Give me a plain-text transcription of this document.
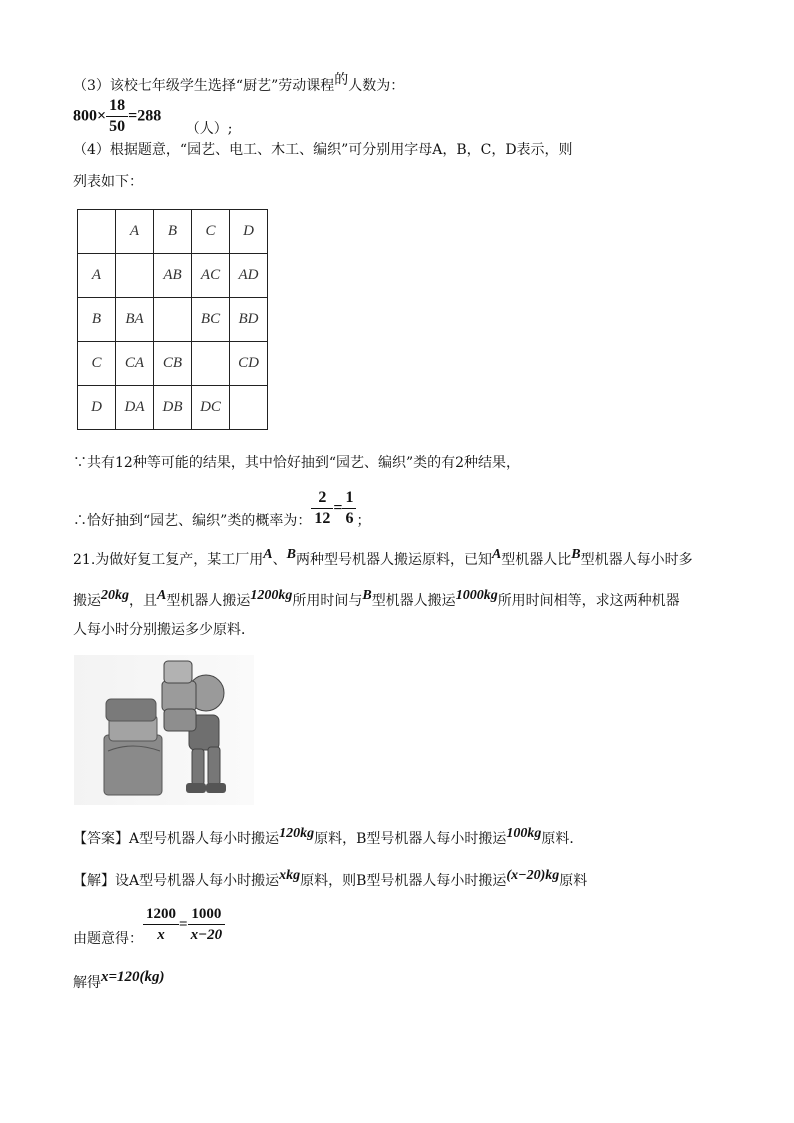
（3）该校七年级学生选择“厨艺”劳动课程的人数为：
$800\times \frac{18}{50} =288$ （人）;
（4）根据题意，“园艺、电工、木工、编织”可分别用字母A，B，C，D表示，则
列表如下：
	A	B	C	D
A		AB	AC	AD
B	BA		BC	BD
C	CA	CB		CD
D	DA	DB	DC	
∵共有12种等可能的结果，其中恰好抽到“园艺、编织”类的有2种结果，
∴恰好抽到“园艺、编织”类的概率为： $\frac{2}{12} = \frac{1}{6}$ ；
21.为做好复工复产，某工厂用A、B两种型号机器人搬运原料，已知A型机器人比B型机器人每小时多
搬运20kg，且A型机器人搬运1200kg所用时间与B型机器人搬运1000kg所用时间相等，求这两种机器
人每小时分别搬运多少原料．
【答案】A型号机器人每小时搬运120kg原料，B型号机器人每小时搬运100kg原料．
【解】设A型号机器人每小时搬运xkg原料，则B型号机器人每小时搬运(x−20)kg原料
由题意得： $\frac{1200}{x} = \frac{1000}{x-20}$
解得x=120(kg)
